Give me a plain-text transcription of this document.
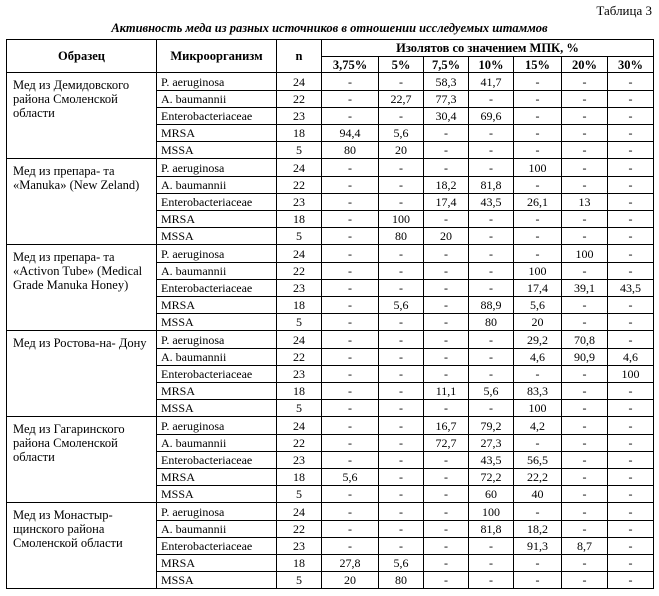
Таблица 3
Активность меда из разных источников в отношении исследуемых штаммов
Образец	Микроорганизм	n	Изолятов со значением МПК, %						
			3,75%	5%	7,5%	10%	15%	20%	30%
Мед из Демидовского района Смоленской области	P. aeruginosa	24	-	-	58,3	41,7	-	-	-
	A. baumannii	22	-	22,7	77,3	-	-	-	-
	Enterobacteriaceae	23	-	-	30,4	69,6	-	-	-
	MRSA	18	94,4	5,6	-	-	-	-	-
	MSSA	5	80	20	-	-	-	-	-
Мед из препара- та «Manuka» (New Zeland)	P. aeruginosa	24	-	-	-	-	100	-	-
	A. baumannii	22	-	-	18,2	81,8	-	-	-
	Enterobacteriaceae	23	-	-	17,4	43,5	26,1	13	-
	MRSA	18	-	100	-	-	-	-	-
	MSSA	5	-	80	20	-	-	-	-
Мед из препара- та «Activon Tube» (Medical Grade Manuka Honey)	P. aeruginosa	24	-	-	-	-	-	100	-
	A. baumannii	22	-	-	-	-	100	-	-
	Enterobacteriaceae	23	-	-	-	-	17,4	39,1	43,5
	MRSA	18	-	5,6	-	88,9	5,6	-	-
	MSSA	5	-	-	-	80	20	-	-
Мед из Ростова-на- Дону	P. aeruginosa	24	-	-	-	-	29,2	70,8	-
	A. baumannii	22	-	-	-	-	4,6	90,9	4,6
	Enterobacteriaceae	23	-	-	-	-	-	-	100
	MRSA	18	-	-	11,1	5,6	83,3	-	-
	MSSA	5	-	-	-	-	100	-	-
Мед из Гагаринского района Смоленской области	P. aeruginosa	24	-	-	16,7	79,2	4,2	-	-
	A. baumannii	22	-	-	72,7	27,3	-	-	-
	Enterobacteriaceae	23	-	-	-	43,5	56,5	-	-
	MRSA	18	5,6	-	-	72,2	22,2	-	-
	MSSA	5	-	-	-	60	40	-	-
Мед из Монастыр- щинского района Смоленской области	P. aeruginosa	24	-	-	-	100	-	-	-
	A. baumannii	22	-	-	-	81,8	18,2	-	-
	Enterobacteriaceae	23	-	-	-	-	91,3	8,7	-
	MRSA	18	27,8	5,6	-	-	-	-	-
	MSSA	5	20	80	-	-	-	-	-
